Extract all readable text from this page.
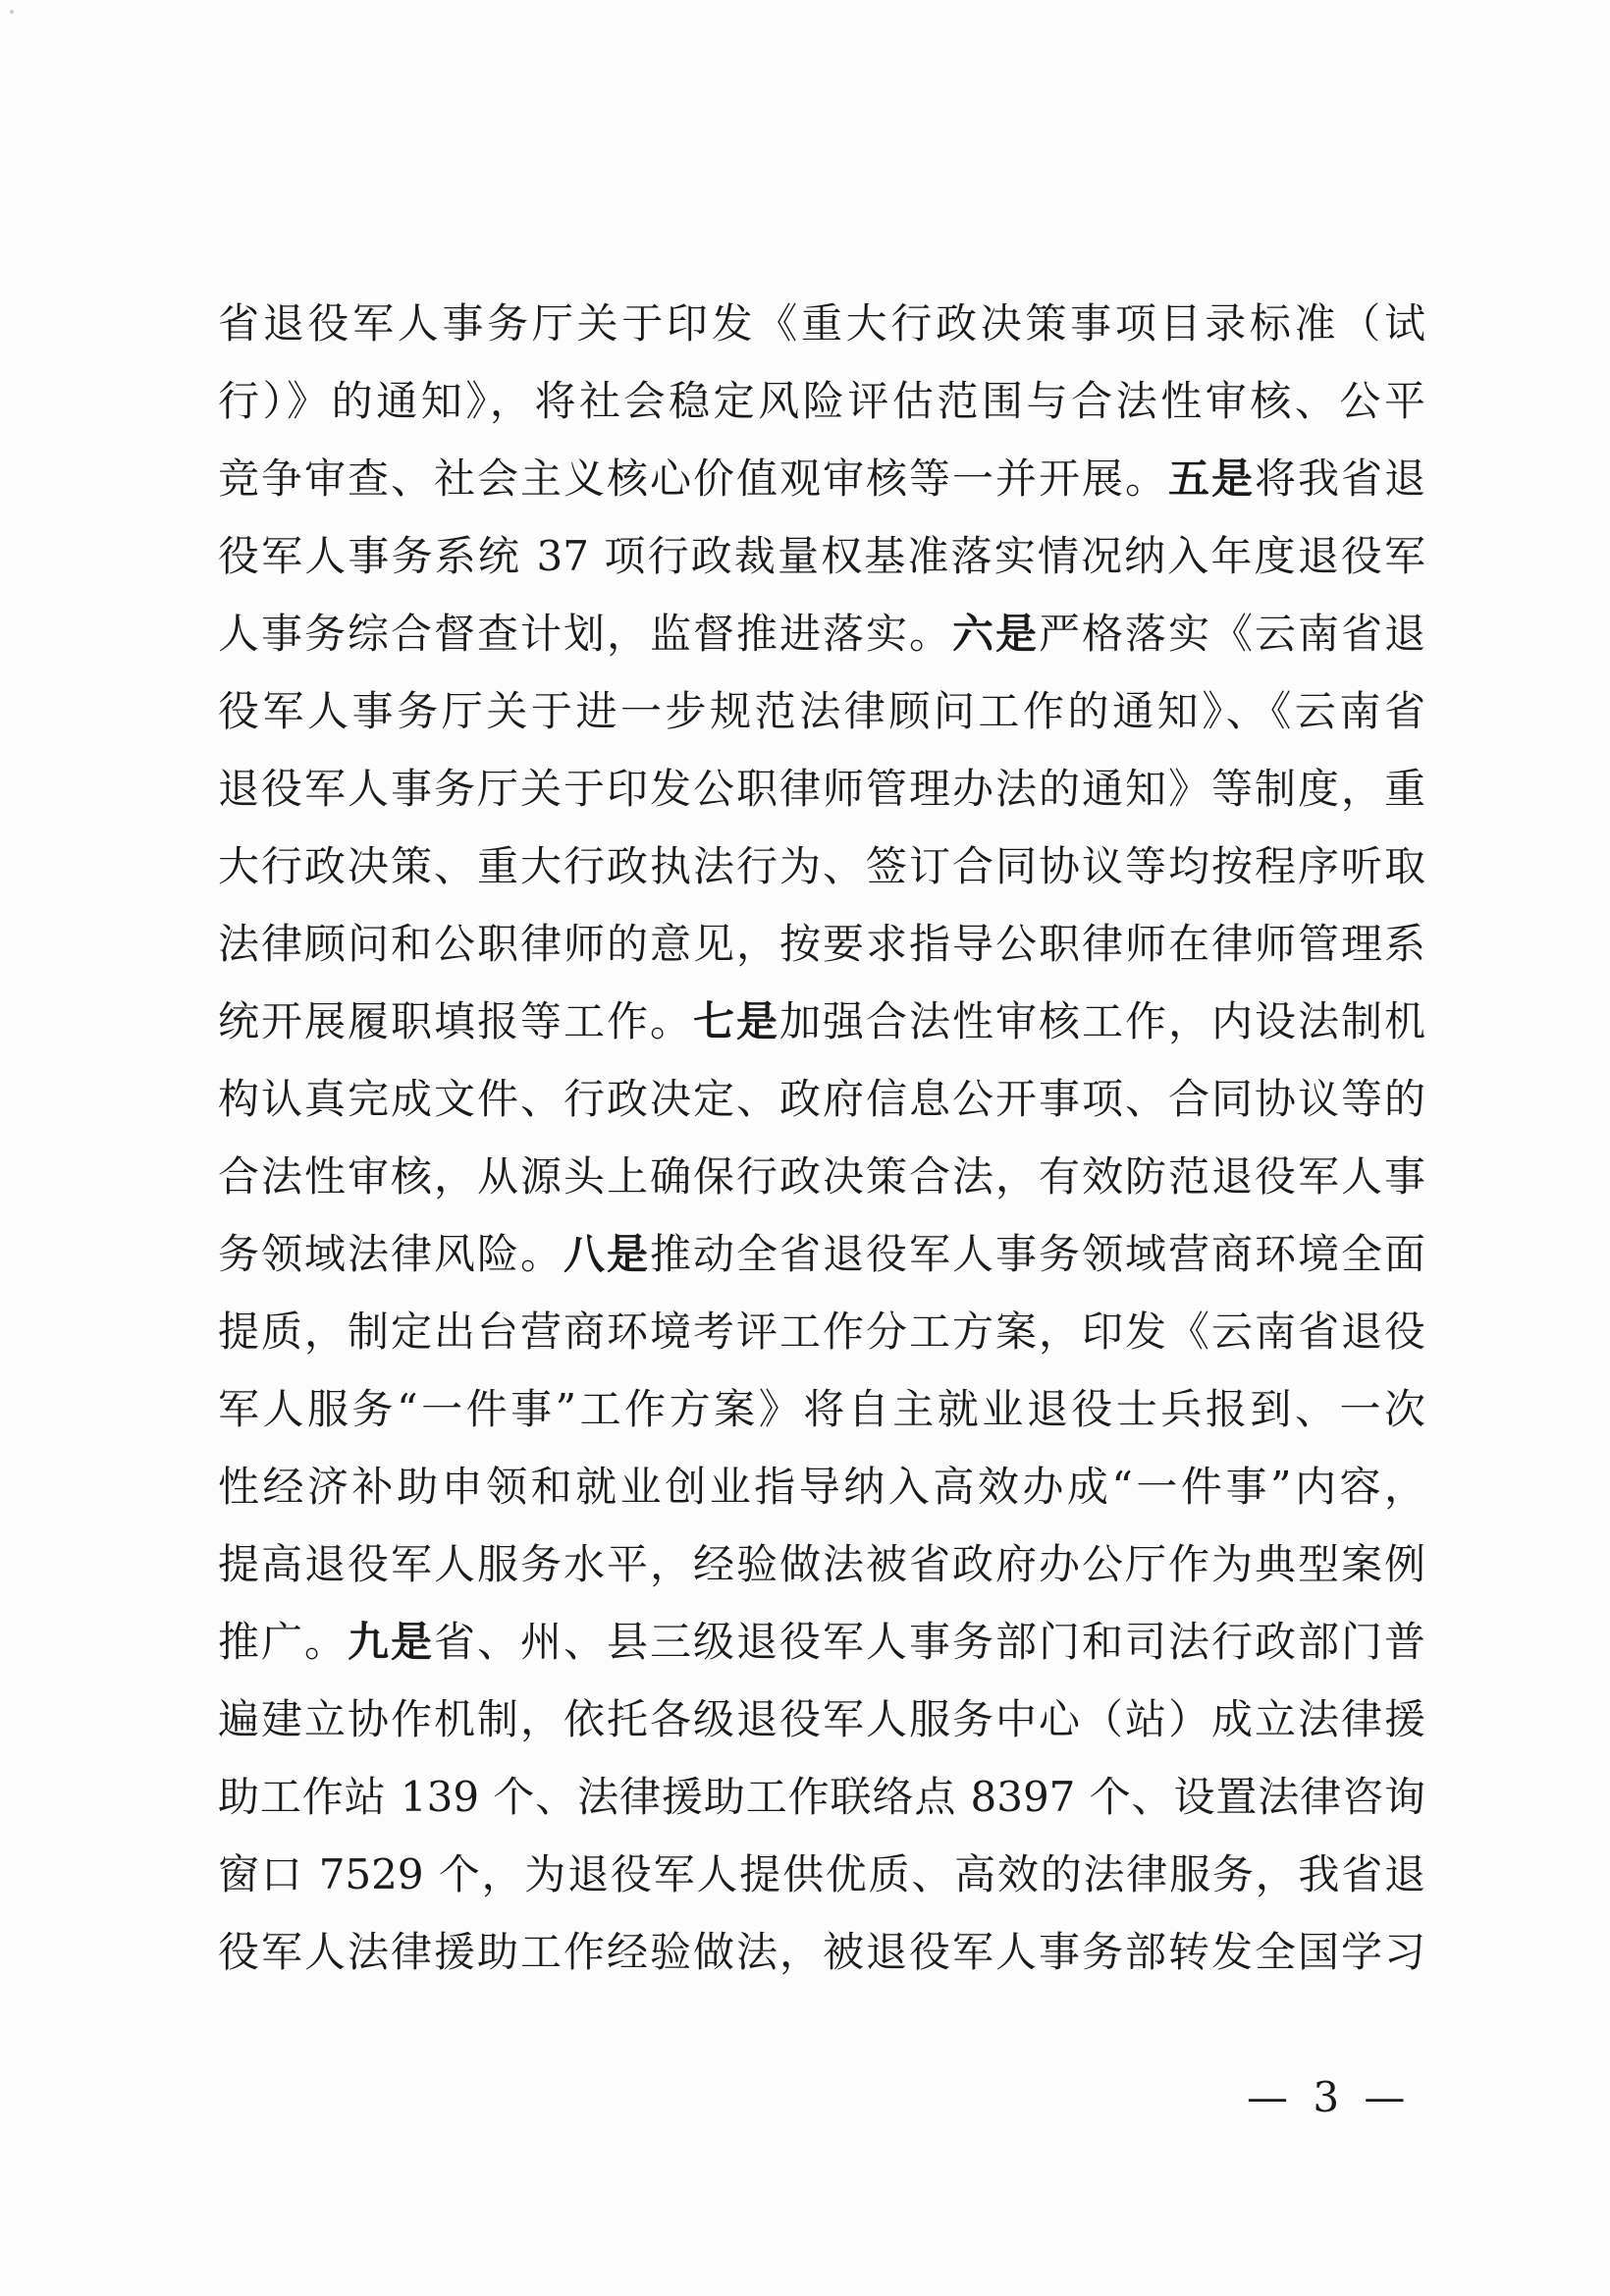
省退役军人事务厅关于印发《重大行政决策事项目录标准（试
行）》的通知》，将社会稳定风险评估范围与合法性审核、公平
竞争审查、社会主义核心价值观审核等一并开展。五是将我省退
役军人事务系统 37 项行政裁量权基准落实情况纳入年度退役军
人事务综合督查计划，监督推进落实。六是严格落实《云南省退
役军人事务厅关于进一步规范法律顾问工作的通知》、《云南省
退役军人事务厅关于印发公职律师管理办法的通知》等制度，重
大行政决策、重大行政执法行为、签订合同协议等均按程序听取
法律顾问和公职律师的意见，按要求指导公职律师在律师管理系
统开展履职填报等工作。七是加强合法性审核工作，内设法制机
构认真完成文件、行政决定、政府信息公开事项、合同协议等的
合法性审核，从源头上确保行政决策合法，有效防范退役军人事
务领域法律风险。八是推动全省退役军人事务领域营商环境全面
提质，制定出台营商环境考评工作分工方案，印发《云南省退役
军人服务“一件事”工作方案》将自主就业退役士兵报到、一次
性经济补助申领和就业创业指导纳入高效办成“一件事”内容，
提高退役军人服务水平，经验做法被省政府办公厅作为典型案例
推广。九是省、州、县三级退役军人事务部门和司法行政部门普
遍建立协作机制，依托各级退役军人服务中心（站）成立法律援
助工作站 139 个、法律援助工作联络点 8397 个、设置法律咨询
窗口 7529 个，为退役军人提供优质、高效的法律服务，我省退
役军人法律援助工作经验做法，被退役军人事务部转发全国学习
— 3 —
